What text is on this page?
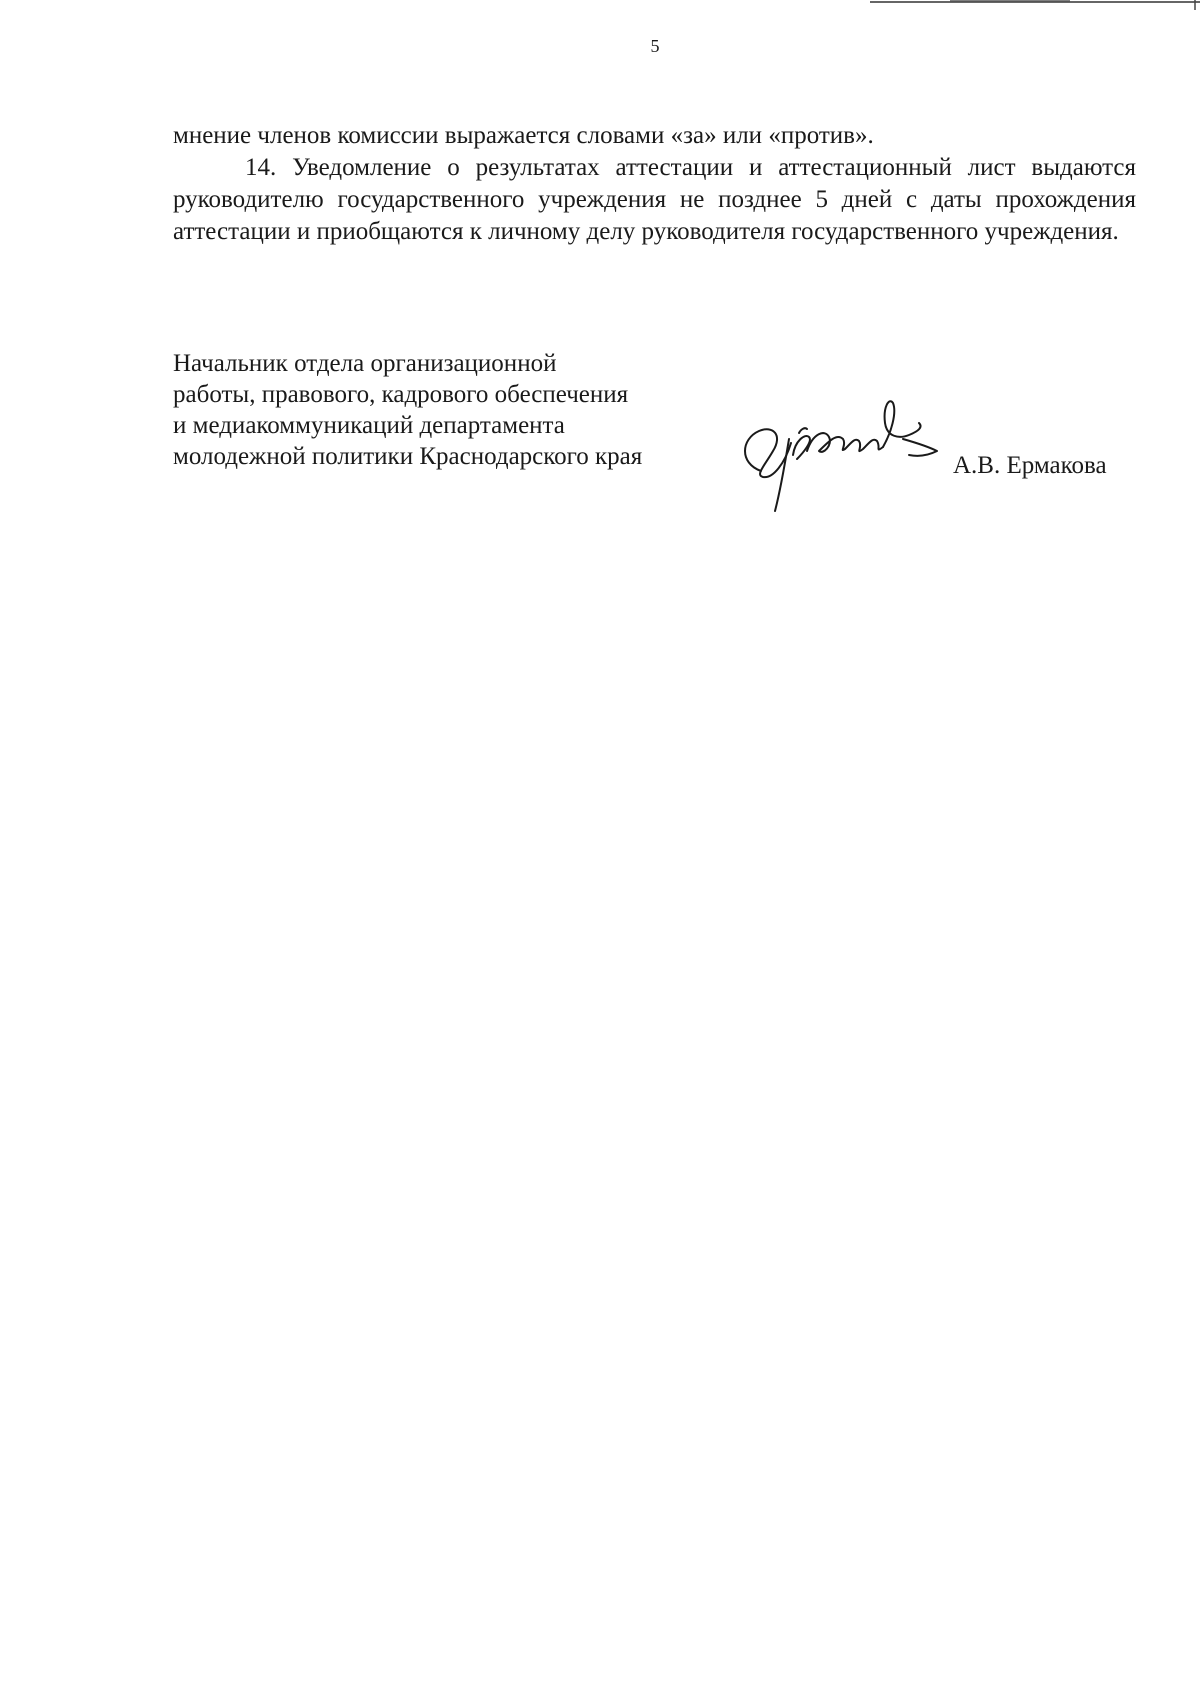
5

мнение членов комиссии выражается словами «за» или «против».

14. Уведомление о результатах аттестации и аттестационный лист выдаются руководителю государственного учреждения не позднее 5 дней с даты прохождения аттестации и приобщаются к личному делу руководителя государственного учреждения.

Начальник отдела организационной
работы, правового, кадрового обеспечения
и медиакоммуникаций департамента
молодежной политики Краснодарского края	А.В. Ермакова
